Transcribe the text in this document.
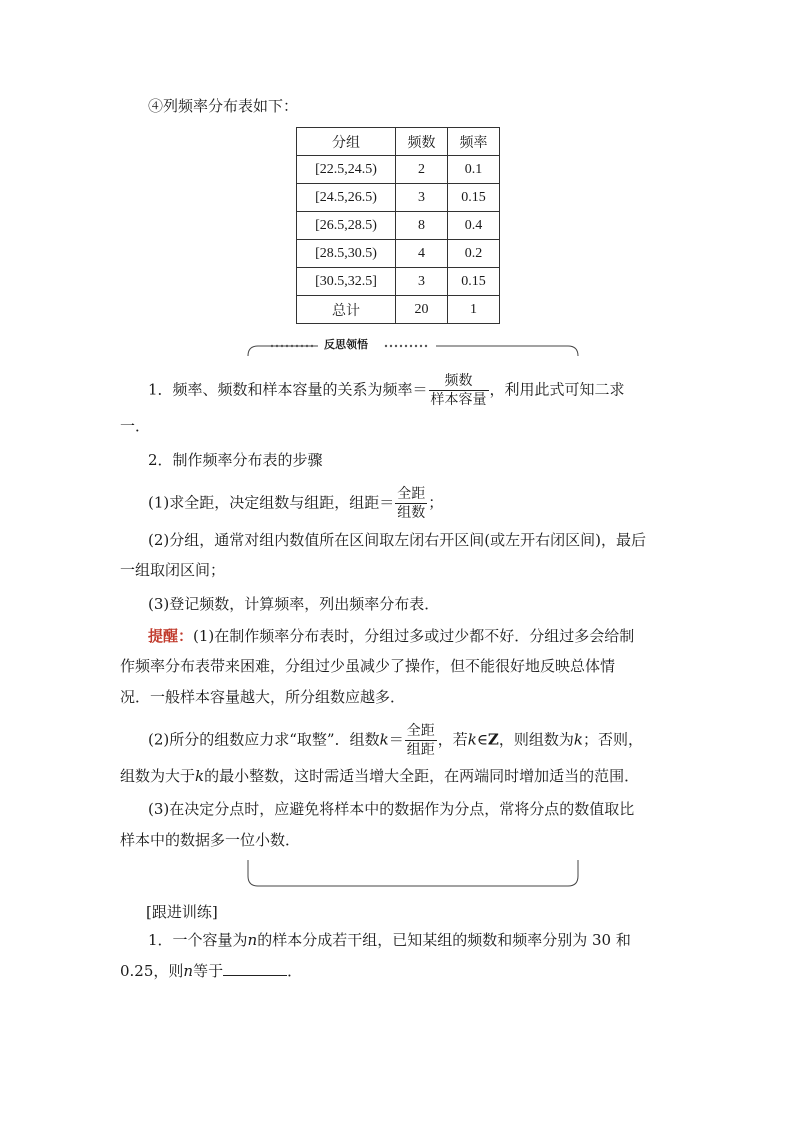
④列频率分布表如下：
分组	频数	频率
[22.5,24.5)	2	0.1
[24.5,26.5)	3	0.15
[26.5,28.5)	8	0.4
[28.5,30.5)	4	0.2
[30.5,32.5]	3	0.15
总计	20	1
反思领悟
1．频率、频数和样本容量的关系为频率＝ $\frac{\text{频数}}{\text{样本容量}}$ ，利用此式可知二求
一．
2．制作频率分布表的步骤
(1)求全距，决定组数与组距，组距＝ $\frac{\text{全距}}{\text{组数}}$ ；
(2)分组，通常对组内数值所在区间取左闭右开区间(或左开右闭区间)，最后
一组取闭区间；
(3)登记频数，计算频率，列出频率分布表．
提醒：(1)在制作频率分布表时，分组过多或过少都不好．分组过多会给制
作频率分布表带来困难，分组过少虽减少了操作，但不能很好地反映总体情
况．一般样本容量越大，所分组数应越多．
(2)所分的组数应力求“取整”．组数$k= \frac{\text{全距}}{\text{组距}}$ ，若k∈Z，则组数为k；否则，
组数为大于k的最小整数，这时需适当增大全距，在两端同时增加适当的范围．
(3)在决定分点时，应避免将样本中的数据作为分点，常将分点的数值取比
样本中的数据多一位小数．
[跟进训练]
1．一个容量为n的样本分成若干组，已知某组的频数和频率分别为 30 和
0.25，则n等于	．
